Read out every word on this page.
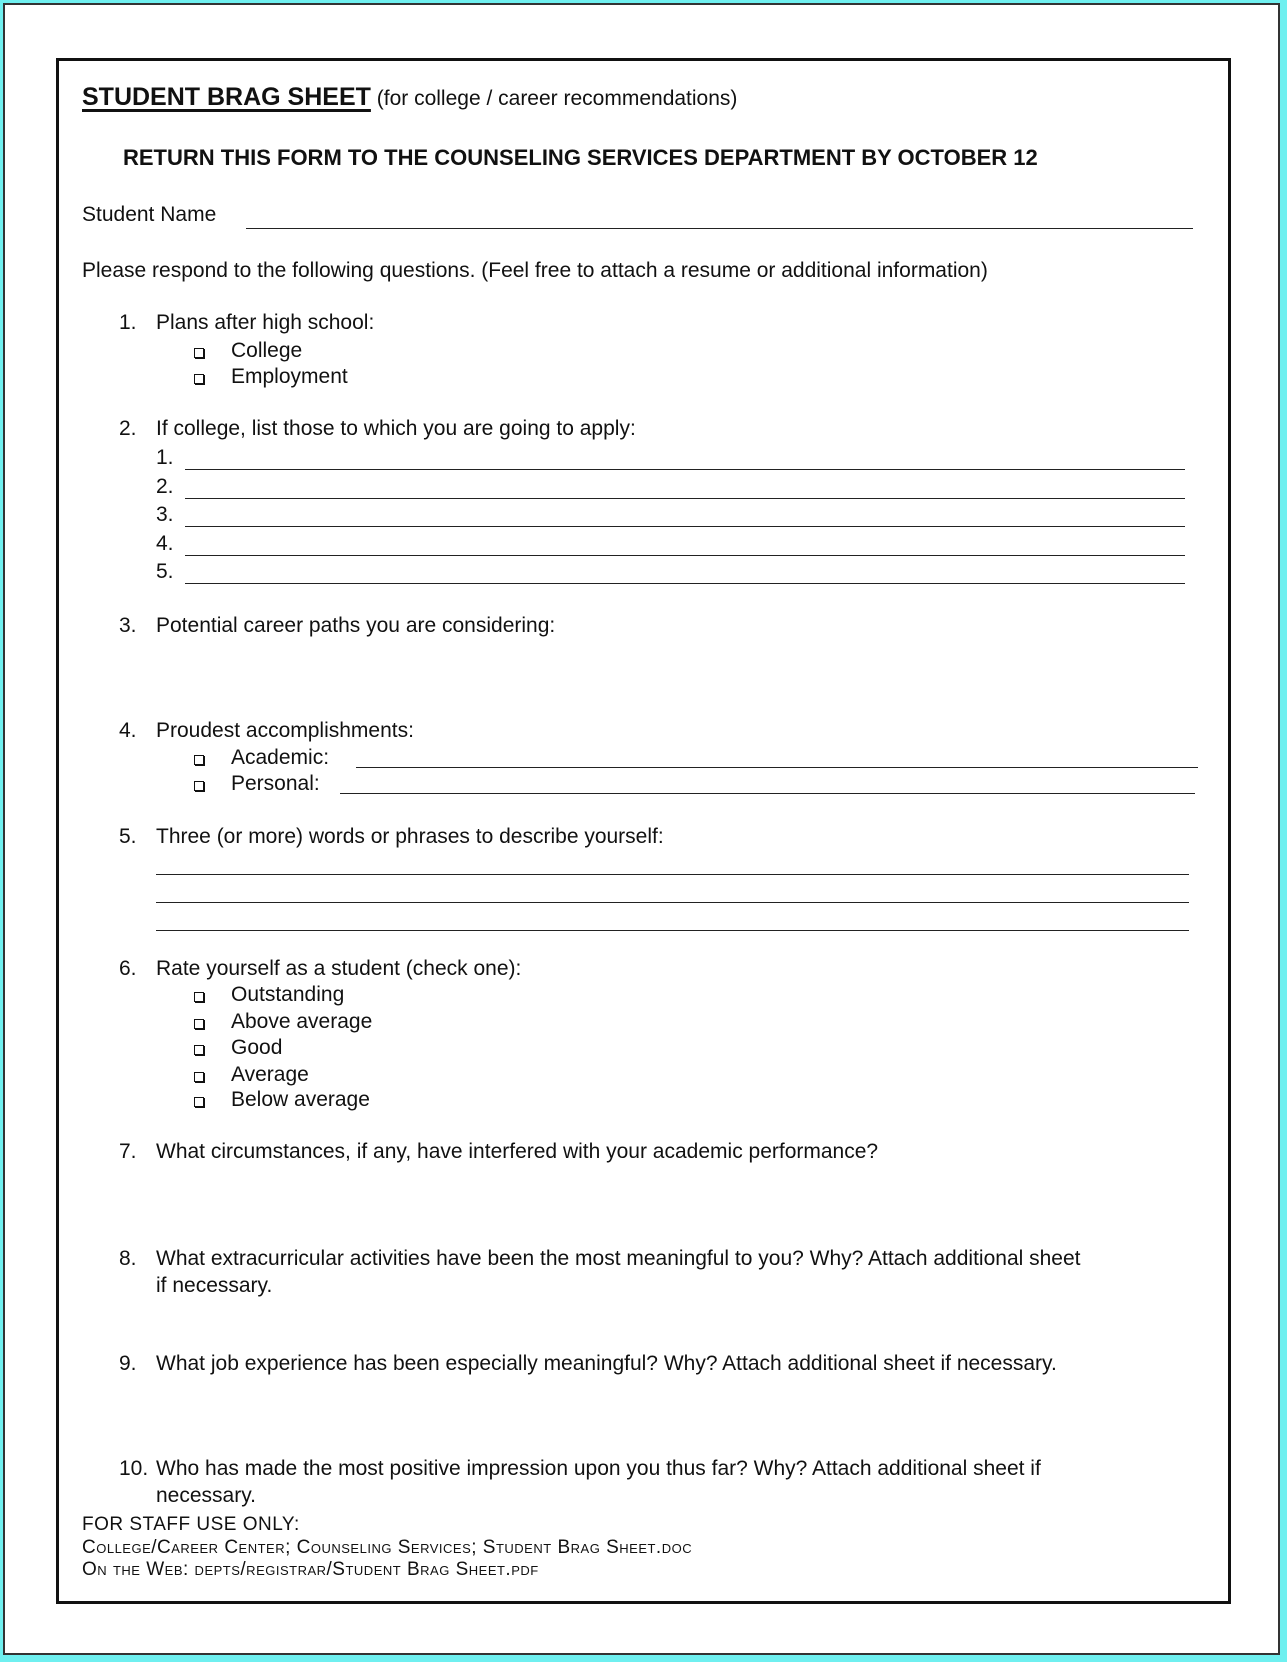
STUDENT BRAG SHEET (for college / career recommendations)
RETURN THIS FORM TO THE COUNSELING SERVICES DEPARTMENT BY OCTOBER 12
Student Name
Please respond to the following questions. (Feel free to attach a resume or additional information)
1. Plans after high school:
College
Employment
2. If college, list those to which you are going to apply:
1.
2.
3.
4.
5.
3. Potential career paths you are considering:
4. Proudest accomplishments:
Academic:
Personal:
5. Three (or more) words or phrases to describe yourself:
6. Rate yourself as a student (check one):
Outstanding
Above average
Good
Average
Below average
7. What circumstances, if any, have interfered with your academic performance?
8. What extracurricular activities have been the most meaningful to you? Why? Attach additional sheet
if necessary.
9. What job experience has been especially meaningful? Why? Attach additional sheet if necessary.
10. Who has made the most positive impression upon you thus far? Why? Attach additional sheet if
necessary.
FOR STAFF USE ONLY:
College/Career Center; Counseling Services; Student Brag Sheet.doc
On the Web: depts/registrar/Student Brag Sheet.pdf
